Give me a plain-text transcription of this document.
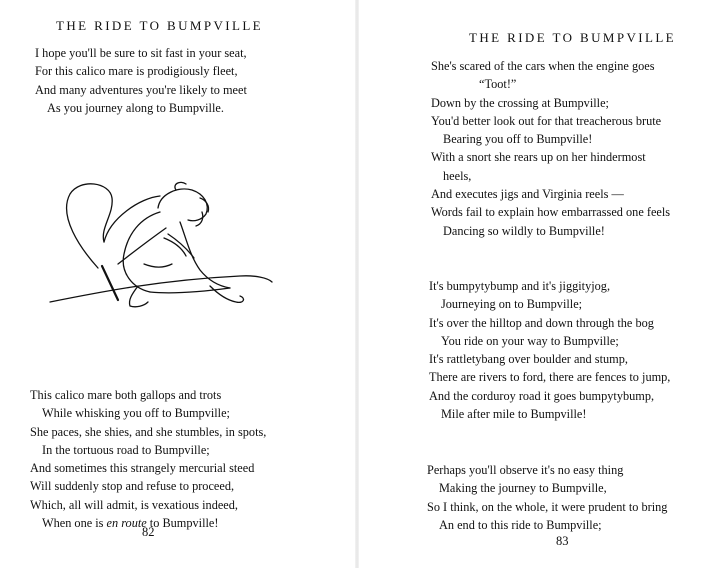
THE RIDE TO BUMPVILLE
I hope you'll be sure to sit fast in your seat,
For this calico mare is prodigiously fleet,
And many adventures you're likely to meet
As you journey along to Bumpville.
This calico mare both gallops and trots
While whisking you off to Bumpville;
She paces, she shies, and she stumbles, in spots,
In the tortuous road to Bumpville;
And sometimes this strangely mercurial steed
Will suddenly stop and refuse to proceed,
Which, all will admit, is vexatious indeed,
When one is en route to Bumpville!
82
THE RIDE TO BUMPVILLE
She's scared of the cars when the engine goes
“Toot!”
Down by the crossing at Bumpville;
You'd better look out for that treacherous brute
Bearing you off to Bumpville!
With a snort she rears up on her hindermost
heels,
And executes jigs and Virginia reels —
Words fail to explain how embarrassed one feels
Dancing so wildly to Bumpville!
It's bumpytybump and it's jiggityjog,
Journeying on to Bumpville;
It's over the hilltop and down through the bog
You ride on your way to Bumpville;
It's rattletybang over boulder and stump,
There are rivers to ford, there are fences to jump,
And the corduroy road it goes bumpytybump,
Mile after mile to Bumpville!
Perhaps you'll observe it's no easy thing
Making the journey to Bumpville,
So I think, on the whole, it were prudent to bring
An end to this ride to Bumpville;
83
